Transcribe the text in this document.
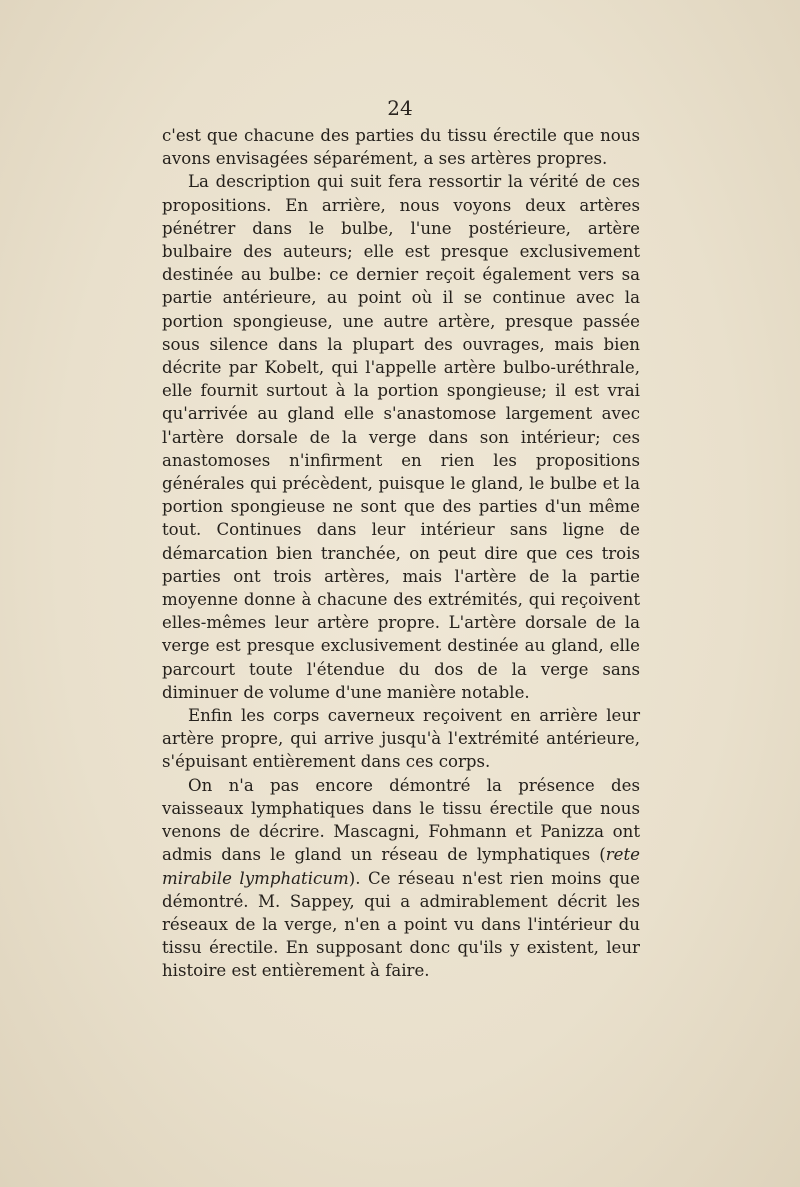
24

c'est que chacune des parties du tissu érectile que nous avons envisagées séparément, a ses artères propres.

La description qui suit fera ressortir la vérité de ces propositions. En arrière, nous voyons deux artères pénétrer dans le bulbe, l'une postérieure, artère bulbaire des auteurs; elle est presque exclusivement destinée au bulbe: ce dernier reçoit également vers sa partie antérieure, au point où il se continue avec la portion spongieuse, une autre artère, presque passée sous silence dans la plupart des ouvrages, mais bien décrite par Kobelt, qui l'appelle artère bulbo-uréthrale, elle fournit surtout à la portion spongieuse; il est vrai qu'arrivée au gland elle s'anastomose largement avec l'artère dorsale de la verge dans son intérieur; ces anastomoses n'infirment en rien les propositions générales qui précèdent, puisque le gland, le bulbe et la portion spongieuse ne sont que des parties d'un même tout. Continues dans leur intérieur sans ligne de démarcation bien tranchée, on peut dire que ces trois parties ont trois artères, mais l'artère de la partie moyenne donne à chacune des extrémités, qui reçoivent elles-mêmes leur artère propre. L'artère dorsale de la verge est presque exclusivement destinée au gland, elle parcourt toute l'étendue du dos de la verge sans diminuer de volume d'une manière notable.

Enfin les corps caverneux reçoivent en arrière leur artère propre, qui arrive jusqu'à l'extrémité antérieure, s'épuisant entièrement dans ces corps.

On n'a pas encore démontré la présence des vaisseaux lymphatiques dans le tissu érectile que nous venons de décrire. Mascagni, Fohmann et Panizza ont admis dans le gland un réseau de lymphatiques (rete mirabile lymphaticum). Ce réseau n'est rien moins que démontré. M. Sappey, qui a admirablement décrit les réseaux de la verge, n'en a point vu dans l'intérieur du tissu érectile. En supposant donc qu'ils y existent, leur histoire est entièrement à faire.
